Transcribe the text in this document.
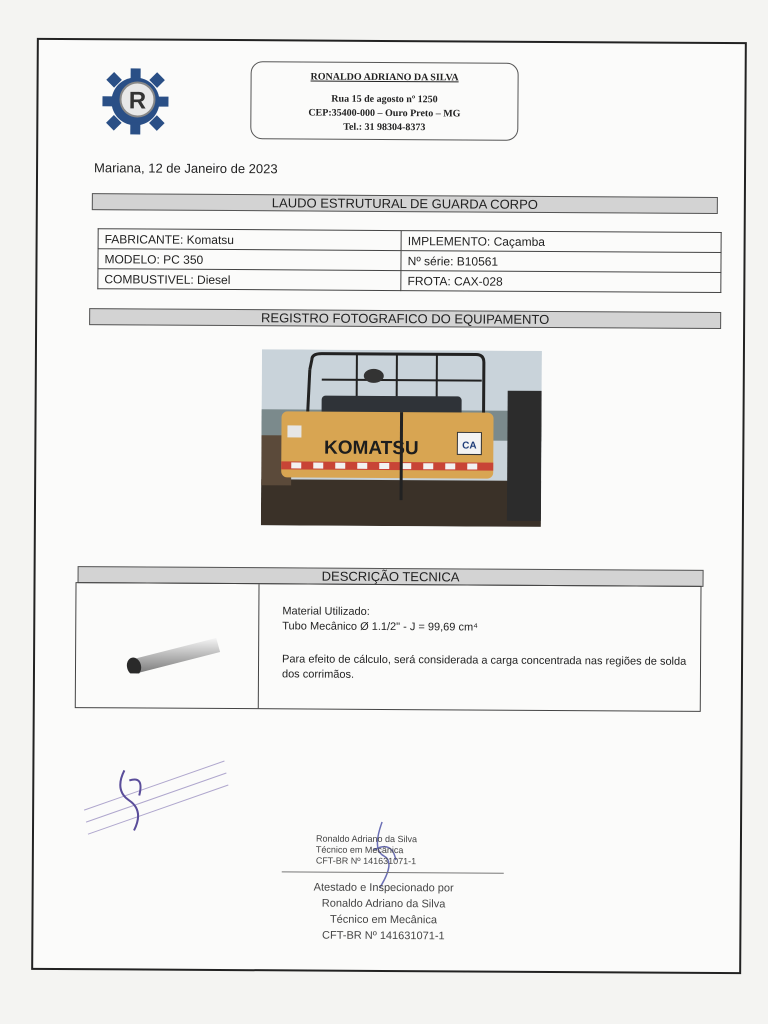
R
RONALDO ADRIANO DA SILVA
Rua 15 de agosto nº 1250
CEP:35400-000 – Ouro Preto – MG
Tel.: 31 98304-8373
Mariana, 12 de Janeiro de 2023
LAUDO ESTRUTURAL DE GUARDA CORPO
FABRICANTE: Komatsu	IMPLEMENTO: Caçamba
MODELO: PC 350	Nº série: B10561
COMBUSTIVEL: Diesel	FROTA: CAX-028
REGISTRO FOTOGRAFICO DO EQUIPAMENTO
KOMATSU	CA
DESCRIÇÃO TECNICA
Material Utilizado:
Tubo Mecânico Ø 1.1/2" - J = 99,69 cm⁴
Para efeito de cálculo, será considerada a carga concentrada nas regiões de solda dos corrimãos.
Ronaldo Adriano da Silva
Técnico em Mecânica
CFT-BR Nº 141631071-1
Atestado e Inspecionado por
Ronaldo Adriano da Silva
Técnico em Mecânica
CFT-BR Nº 141631071-1
